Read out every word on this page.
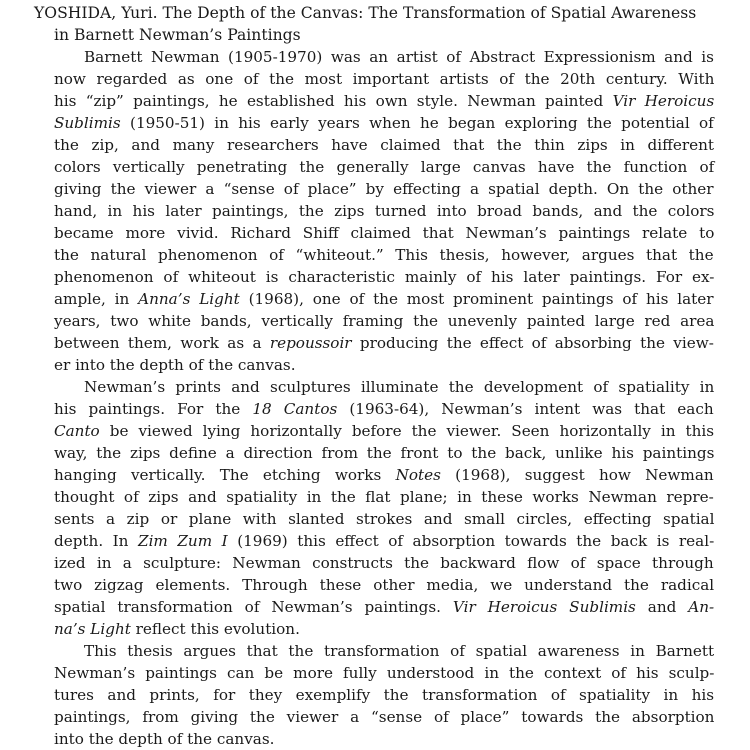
YOSHIDA, Yuri. The Depth of the Canvas: The Transformation of Spatial Awareness
in Barnett Newman’s Paintings
Barnett Newman (1905-1970) was an artist of Abstract Expressionism and is
now regarded as one of the most important artists of the 20th century. With
his “zip” paintings, he established his own style. Newman painted Vir Heroicus
Sublimis (1950-51) in his early years when he began exploring the potential of
the zip, and many researchers have claimed that the thin zips in different
colors vertically penetrating the generally large canvas have the function of
giving the viewer a “sense of place” by effecting a spatial depth. On the other
hand, in his later paintings, the zips turned into broad bands, and the colors
became more vivid. Richard Shiff claimed that Newman’s paintings relate to
the natural phenomenon of “whiteout.” This thesis, however, argues that the
phenomenon of whiteout is characteristic mainly of his later paintings. For ex-
ample, in Anna’s Light (1968), one of the most prominent paintings of his later
years, two white bands, vertically framing the unevenly painted large red area
between them, work as a repoussoir producing the effect of absorbing the view-
er into the depth of the canvas.
Newman’s prints and sculptures illuminate the development of spatiality in
his paintings. For the 18 Cantos (1963-64), Newman’s intent was that each
Canto be viewed lying horizontally before the viewer. Seen horizontally in this
way, the zips define a direction from the front to the back, unlike his paintings
hanging vertically. The etching works Notes (1968), suggest how Newman
thought of zips and spatiality in the flat plane; in these works Newman repre-
sents a zip or plane with slanted strokes and small circles, effecting spatial
depth. In Zim Zum I (1969) this effect of absorption towards the back is real-
ized in a sculpture: Newman constructs the backward flow of space through
two zigzag elements. Through these other media, we understand the radical
spatial transformation of Newman’s paintings. Vir Heroicus Sublimis and An-
na’s Light reflect this evolution.
This thesis argues that the transformation of spatial awareness in Barnett
Newman’s paintings can be more fully understood in the context of his sculp-
tures and prints, for they exemplify the transformation of spatiality in his
paintings, from giving the viewer a “sense of place” towards the absorption
into the depth of the canvas.
